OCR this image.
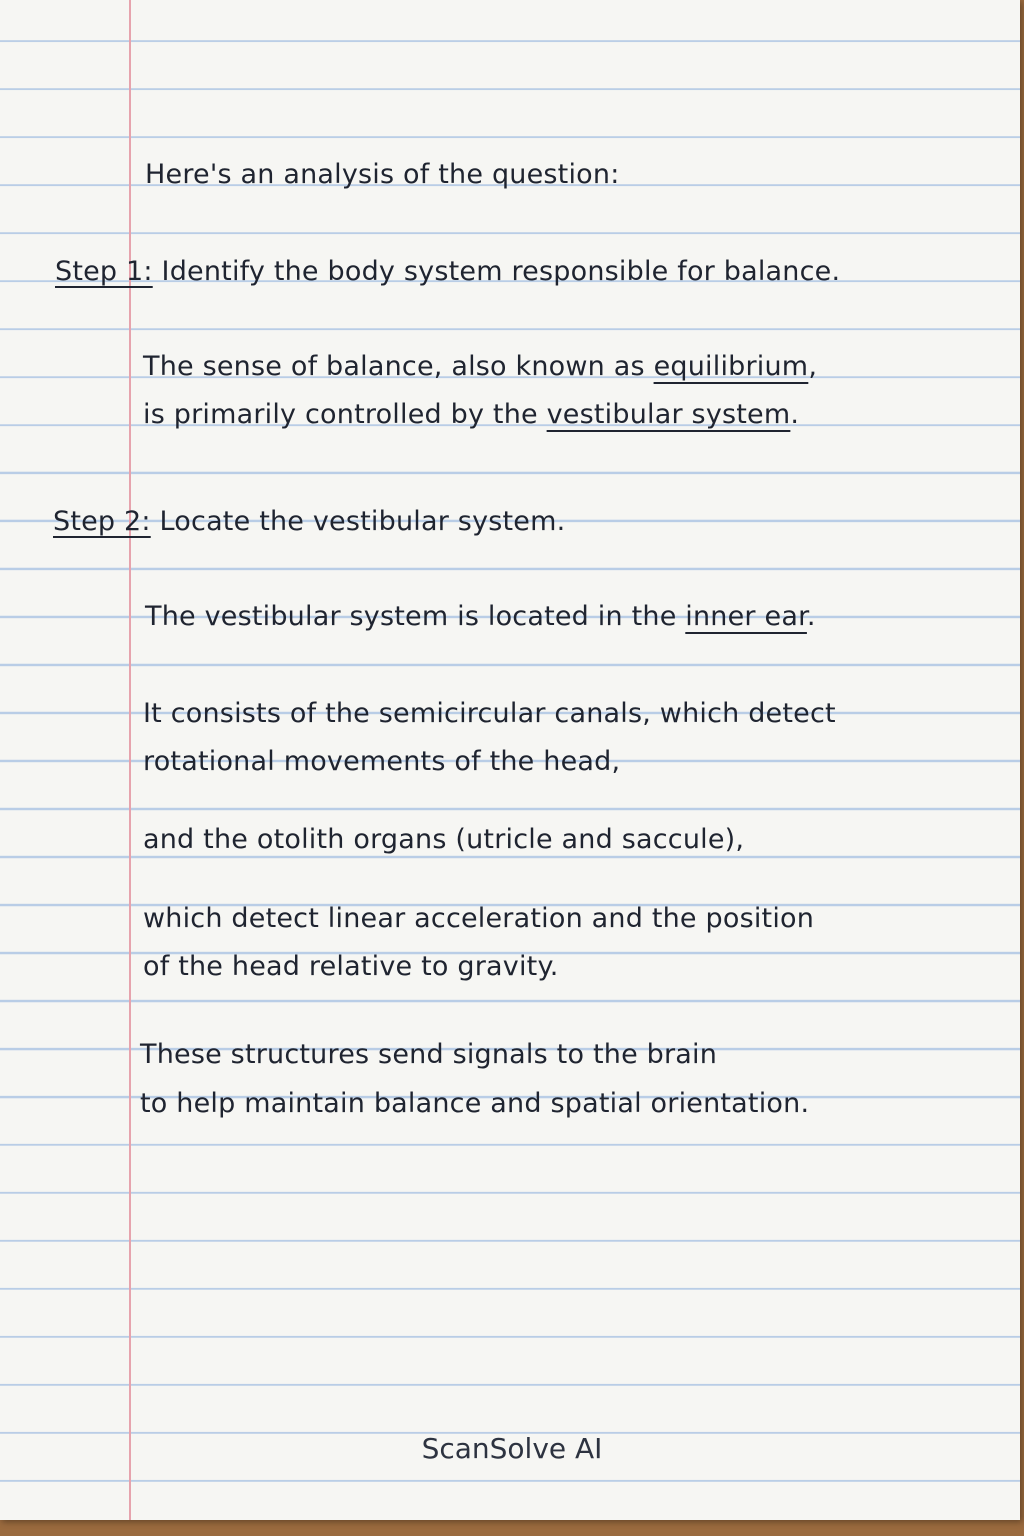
Here's an analysis of the question:
Step 1: Identify the body system responsible for balance.
The sense of balance, also known as equilibrium,
is primarily controlled by the vestibular system.
Step 2: Locate the vestibular system.
The vestibular system is located in the inner ear.
It consists of the semicircular canals, which detect
rotational movements of the head,
and the otolith organs (utricle and saccule),
which detect linear acceleration and the position
of the head relative to gravity.
These structures send signals to the brain
to help maintain balance and spatial orientation.
ScanSolve AI
